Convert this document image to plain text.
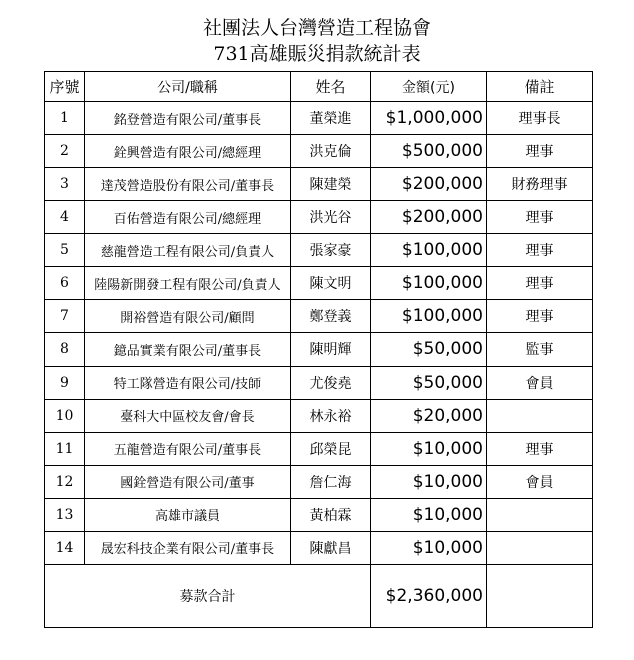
社團法人台灣營造工程協會
731高雄賑災捐款統計表
序號	公司/職稱	姓名	金額(元)	備註
1	銘登營造有限公司/董事長	董榮進	$1,000,000	理事長
2	銓興營造有限公司/總經理	洪克倫	$500,000	理事
3	達茂營造股份有限公司/董事長	陳建榮	$200,000	財務理事
4	百佑營造有限公司/總經理	洪光谷	$200,000	理事
5	慈龍營造工程有限公司/負責人	張家豪	$100,000	理事
6	陸陽新開發工程有限公司/負責人	陳文明	$100,000	理事
7	開裕營造有限公司/顧問	鄭登義	$100,000	理事
8	鐿品實業有限公司/董事長	陳明輝	$50,000	監事
9	特工隊營造有限公司/技師	尤俊堯	$50,000	會員
10	臺科大中區校友會/會長	林永裕	$20,000	
11	五龍營造有限公司/董事長	邱榮昆	$10,000	理事
12	國銓營造有限公司/董事	詹仁海	$10,000	會員
13	高雄市議員	黃柏霖	$10,000	
14	晟宏科技企業有限公司/董事長	陳獻昌	$10,000	
募款合計			$2,360,000	
